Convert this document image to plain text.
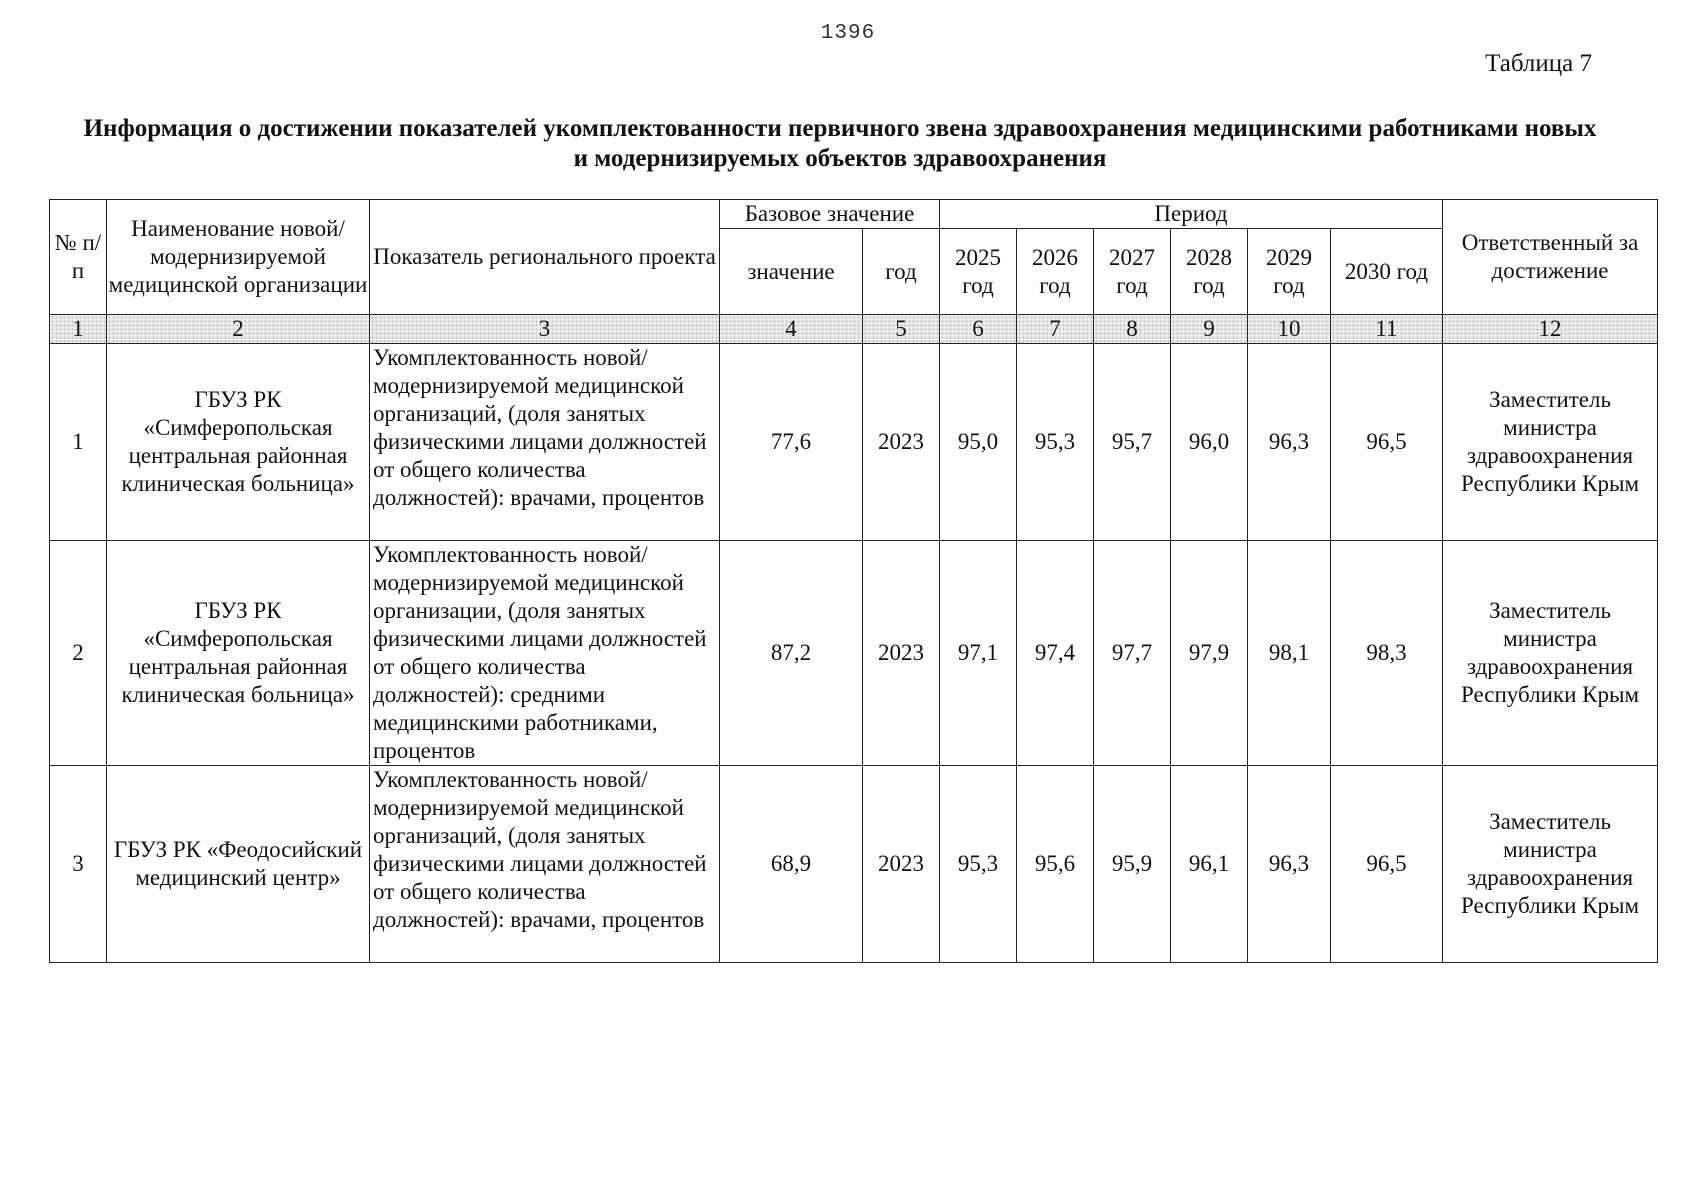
1396
Таблица 7
Информация о достижении показателей укомплектованности первичного звена здравоохранения медицинскими работниками новых и модернизируемых объектов здравоохранения
№ п/п	Наименование новой/модернизируемой медицинской организации	Показатель регионального проекта	Базовое значение		Период						Ответственный за достижение
			значение	год	2025 год	2026 год	2027 год	2028 год	2029 год	2030 год	
1	2	3	4	5	6	7	8	9	10	11	12
1	ГБУЗ РК «Симферопольская центральная районная клиническая больница»	Укомплектованность новой/модернизируемой медицинской организаций, (доля занятых физическими лицами должностей от общего количества должностей): врачами, процентов	77,6	2023	95,0	95,3	95,7	96,0	96,3	96,5	Заместитель министра здравоохранения Республики Крым
2	ГБУЗ РК «Симферопольская центральная районная клиническая больница»	Укомплектованность новой/модернизируемой медицинской организации, (доля занятых физическими лицами должностей от общего количества должностей): средними медицинскими работниками, процентов	87,2	2023	97,1	97,4	97,7	97,9	98,1	98,3	Заместитель министра здравоохранения Республики Крым
3	ГБУЗ РК «Феодосийский медицинский центр»	Укомплектованность новой/модернизируемой медицинской организаций, (доля занятых физическими лицами должностей от общего количества должностей): врачами, процентов	68,9	2023	95,3	95,6	95,9	96,1	96,3	96,5	Заместитель министра здравоохранения Республики Крым
